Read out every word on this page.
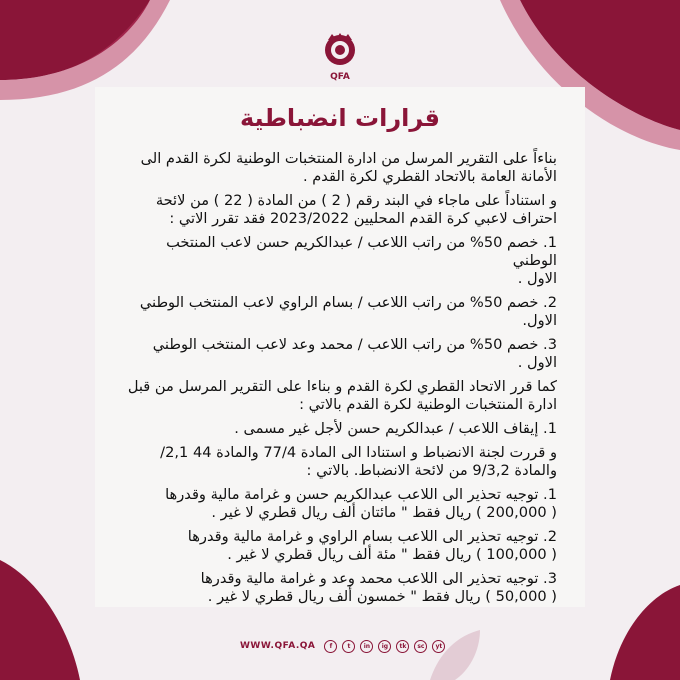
QFA
قرارات انضباطية

بناءاً على التقرير المرسل من ادارة المنتخبات الوطنية لكرة القدم الى
الأمانة العامة بالاتحاد القطري لكرة القدم .

و استناداً على ماجاء في البند رقم ( 2 ) من المادة ( 22 ) من لائحة
احتراف لاعبي كرة القدم المحليين 2023/2022 فقد تقرر الاتي :

1. خصم 50% من راتب اللاعب / عبدالكريم حسن لاعب المنتخب الوطني
الاول .

2. خصم 50% من راتب اللاعب / بسام الراوي لاعب المنتخب الوطني
الاول.

3. خصم 50% من راتب اللاعب / محمد وعد لاعب المنتخب الوطني الاول .

كما قرر الاتحاد القطري لكرة القدم و بناءا على التقرير المرسل من قبل
ادارة المنتخبات الوطنية لكرة القدم بالاتي :

1. إيقاف اللاعب / عبدالكريم حسن لأجل غير مسمى .

و قررت لجنة الانضباط و استنادا الى المادة 77/4 والمادة 44 2,1/
والمادة 9/3,2 من لائحة الانضباط. بالاتي :

1. توجيه تحذير الى اللاعب عبدالكريم حسن و غرامة مالية وقدرها
( 200,000 ) ريال فقط " مائتان ألف ريال قطري لا غير .

2. توجيه تحذير الى اللاعب بسام الراوي و غرامة مالية وقدرها
( 100,000 ) ريال فقط " مئة ألف ريال قطري لا غير .

3. توجيه تحذير الى اللاعب محمد وعد و غرامة مالية وقدرها
( 50,000 ) ريال فقط " خمسون ألف ريال قطري لا غير .

WWW.QFA.QA	f	t	in	ig	tk	sc	yt
